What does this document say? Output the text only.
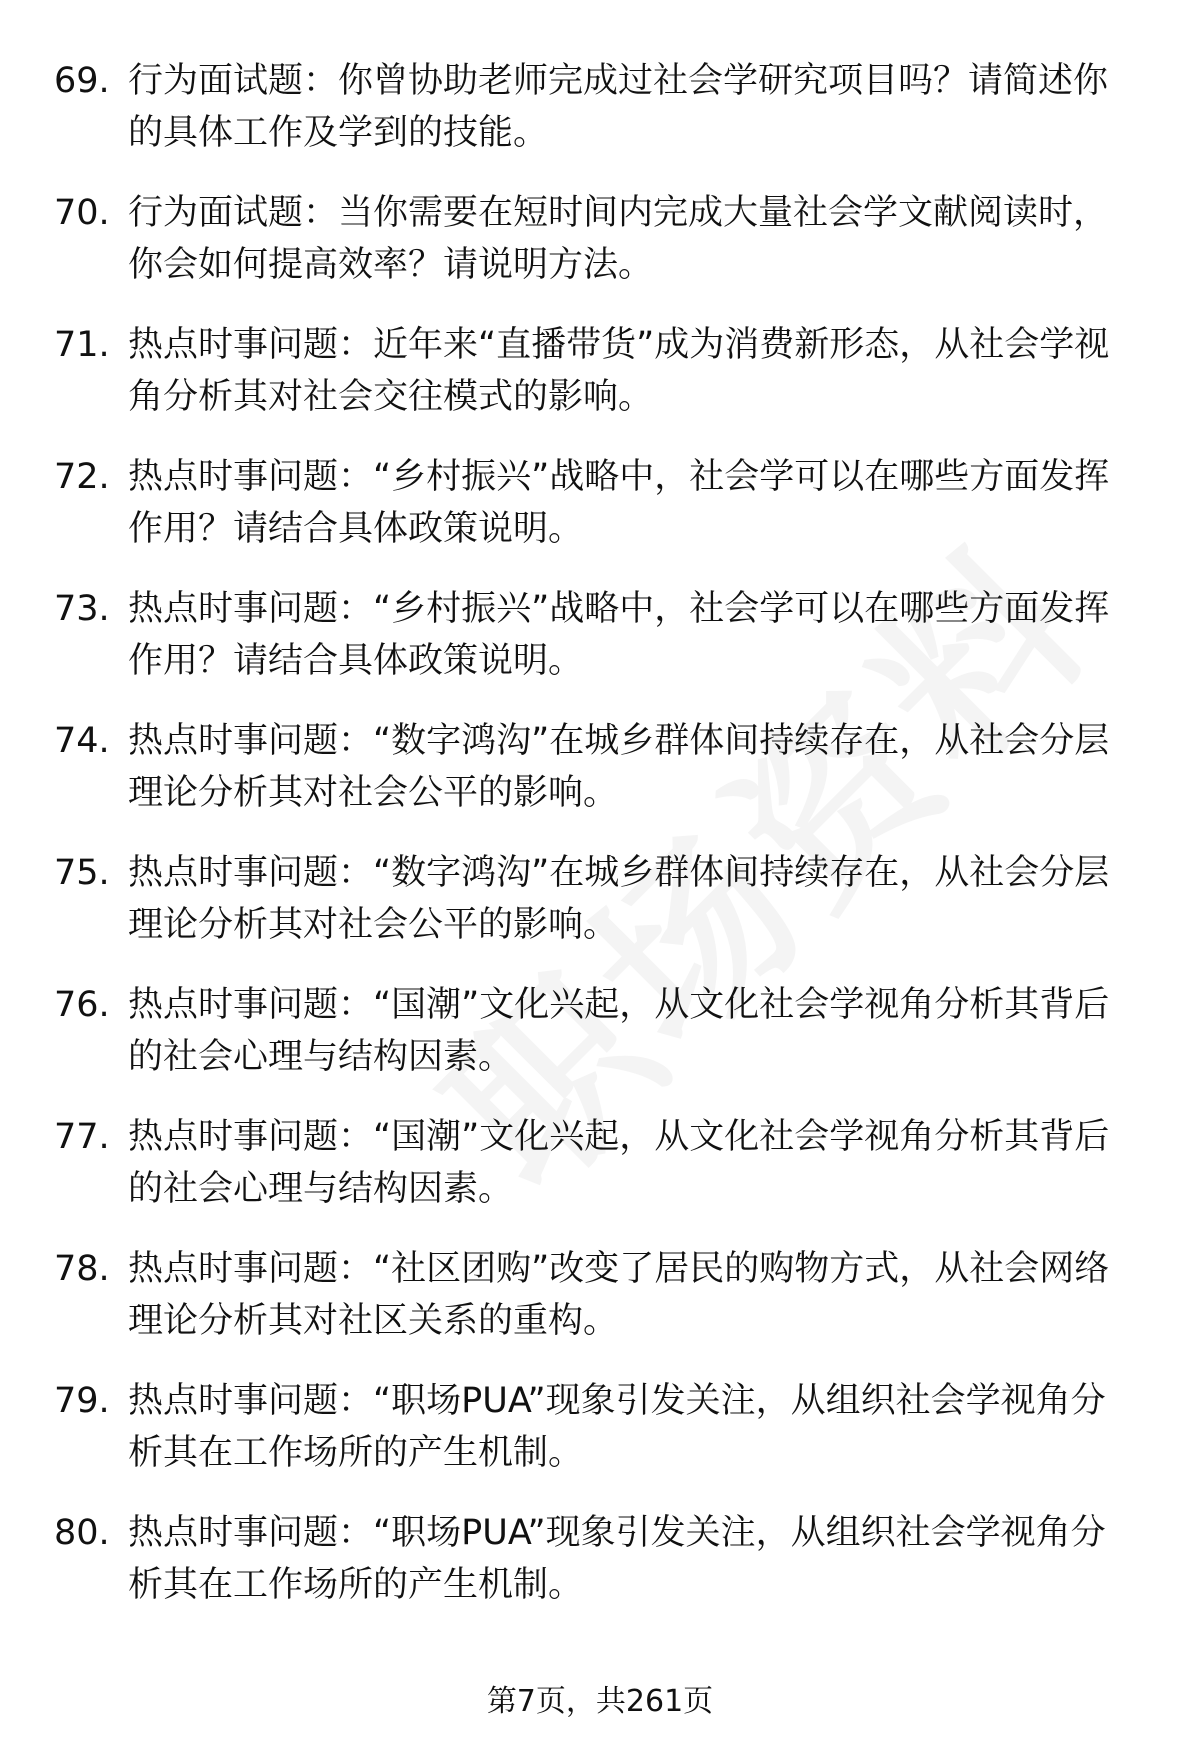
69. 行为面试题：你曾协助老师完成过社会学研究项目吗？请简述你的具体工作及学到的技能。
70. 行为面试题：当你需要在短时间内完成大量社会学文献阅读时，你会如何提高效率？请说明方法。
71. 热点时事问题：近年来“直播带货”成为消费新形态，从社会学视角分析其对社会交往模式的影响。
72. 热点时事问题：“乡村振兴”战略中，社会学可以在哪些方面发挥作用？请结合具体政策说明。
73. 热点时事问题：“乡村振兴”战略中，社会学可以在哪些方面发挥作用？请结合具体政策说明。
74. 热点时事问题：“数字鸿沟”在城乡群体间持续存在，从社会分层理论分析其对社会公平的影响。
75. 热点时事问题：“数字鸿沟”在城乡群体间持续存在，从社会分层理论分析其对社会公平的影响。
76. 热点时事问题：“国潮”文化兴起，从文化社会学视角分析其背后的社会心理与结构因素。
77. 热点时事问题：“国潮”文化兴起，从文化社会学视角分析其背后的社会心理与结构因素。
78. 热点时事问题：“社区团购”改变了居民的购物方式，从社会网络理论分析其对社区关系的重构。
79. 热点时事问题：“职场PUA”现象引发关注，从组织社会学视角分析其在工作场所的产生机制。
80. 热点时事问题：“职场PUA”现象引发关注，从组织社会学视角分析其在工作场所的产生机制。
第7页，共261页
